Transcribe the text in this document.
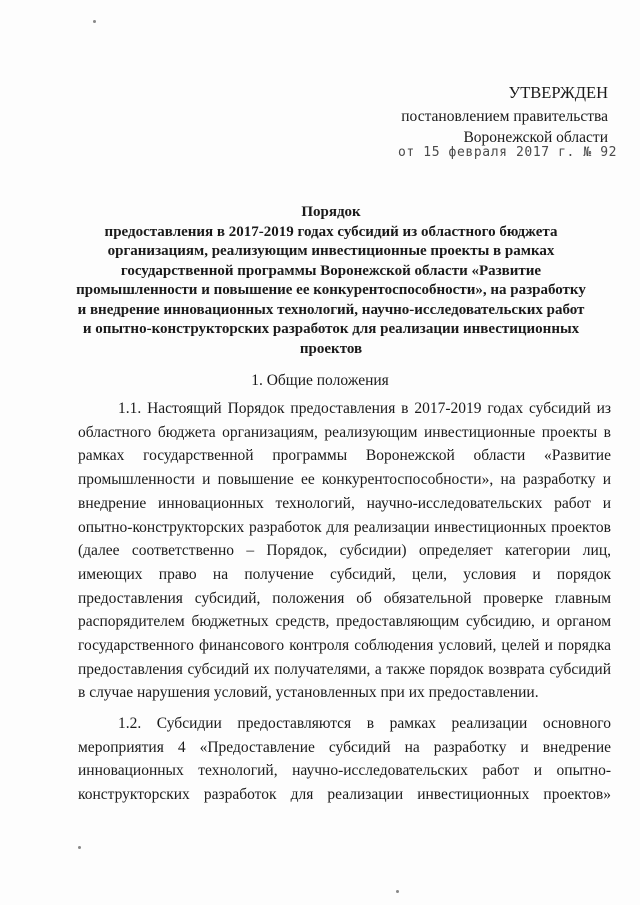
УТВЕРЖДЕН
постановлением правительства
Воронежской области
от 15 февраля 2017 г. № 92
Порядок
предоставления в 2017-2019 годах субсидий из областного бюджета
организациям, реализующим инвестиционные проекты в рамках
государственной программы Воронежской области «Развитие
промышленности и повышение ее конкурентоспособности», на разработку
и внедрение инновационных технологий, научно-исследовательских работ
и опытно-конструкторских разработок для реализации инвестиционных
проектов
1. Общие положения
1.1. Настоящий Порядок предоставления в 2017-2019 годах субсидий из
областного бюджета организациям, реализующим инвестиционные проекты в
рамках государственной программы Воронежской области «Развитие
промышленности и повышение ее конкурентоспособности», на разработку и
внедрение инновационных технологий, научно-исследовательских работ и
опытно-конструкторских разработок для реализации инвестиционных проектов
(далее соответственно – Порядок, субсидии) определяет категории лиц,
имеющих право на получение субсидий, цели, условия и порядок
предоставления субсидий, положения об обязательной проверке главным
распорядителем бюджетных средств, предоставляющим субсидию, и органом
государственного финансового контроля соблюдения условий, целей и порядка
предоставления субсидий их получателями, а также порядок возврата субсидий
в случае нарушения условий, установленных при их предоставлении.
1.2. Субсидии предоставляются в рамках реализации основного
мероприятия 4 «Предоставление субсидий на разработку и внедрение
инновационных технологий, научно-исследовательских работ и опытно-
конструкторских разработок для реализации инвестиционных проектов»
